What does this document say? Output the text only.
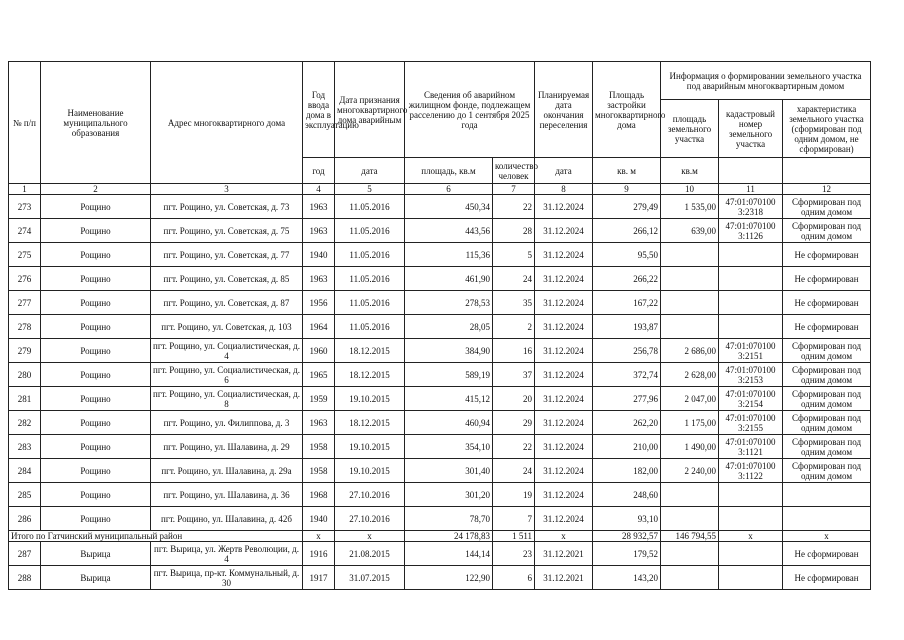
№ п/п	Наименование муниципального образования	Адрес многоквартирного дома	Год ввода дома в эксплуатацию	Дата признания многоквартирного дома аварийным	Сведения об аварийном жилищном фонде, подлежащем расселению до 1 сентября 2025 года		Планируемая дата окончания переселения	Площадь застройки многоквартирного дома	Информация о формировании земельного участка под аварийным многоквартирным домом		
									площадь земельного участка	кадастровый номер земельного участка	характеристика земельного участка (сформирован под одним домом, не сформирован)
			год	дата	площадь, кв.м	количество человек	дата	кв. м	кв.м		
1	2	3	4	5	6	7	8	9	10	11	12
273	Рощино	пгт. Рощино, ул. Советская, д. 73	1963	11.05.2016	450,34	22	31.12.2024	279,49	1 535,00	47:01:070100 3:2318	Сформирован под одним домом
274	Рощино	пгт. Рощино, ул. Советская, д. 75	1963	11.05.2016	443,56	28	31.12.2024	266,12	639,00	47:01:070100 3:1126	Сформирован под одним домом
275	Рощино	пгт. Рощино, ул. Советская, д. 77	1940	11.05.2016	115,36	5	31.12.2024	95,50			Не сформирован
276	Рощино	пгт. Рощино, ул. Советская, д. 85	1963	11.05.2016	461,90	24	31.12.2024	266,22			Не сформирован
277	Рощино	пгт. Рощино, ул. Советская, д. 87	1956	11.05.2016	278,53	35	31.12.2024	167,22			Не сформирован
278	Рощино	пгт. Рощино, ул. Советская, д. 103	1964	11.05.2016	28,05	2	31.12.2024	193,87			Не сформирован
279	Рощино	пгт. Рощино, ул. Социалистическая, д. 4	1960	18.12.2015	384,90	16	31.12.2024	256,78	2 686,00	47:01:070100 3:2151	Сформирован под одним домом
280	Рощино	пгт. Рощино, ул. Социалистическая, д. 6	1965	18.12.2015	589,19	37	31.12.2024	372,74	2 628,00	47:01:070100 3:2153	Сформирован под одним домом
281	Рощино	пгт. Рощино, ул. Социалистическая, д. 8	1959	19.10.2015	415,12	20	31.12.2024	277,96	2 047,00	47:01:070100 3:2154	Сформирован под одним домом
282	Рощино	пгт. Рощино, ул. Филиппова, д. 3	1963	18.12.2015	460,94	29	31.12.2024	262,20	1 175,00	47:01:070100 3:2155	Сформирован под одним домом
283	Рощино	пгт. Рощино, ул. Шалавина, д. 29	1958	19.10.2015	354,10	22	31.12.2024	210,00	1 490,00	47:01:070100 3:1121	Сформирован под одним домом
284	Рощино	пгт. Рощино, ул. Шалавина, д. 29а	1958	19.10.2015	301,40	24	31.12.2024	182,00	2 240,00	47:01:070100 3:1122	Сформирован под одним домом
285	Рощино	пгт. Рощино, ул. Шалавина, д. 36	1968	27.10.2016	301,20	19	31.12.2024	248,60			
286	Рощино	пгт. Рощино, ул. Шалавина, д. 42б	1940	27.10.2016	78,70	7	31.12.2024	93,10			
Итого по Гатчинский муниципальный район			x	x	24 178,83	1 511	x	28 932,57	146 794,55	x	x
287	Вырица	пгт. Вырица, ул. Жертв Революции, д. 4	1916	21.08.2015	144,14	23	31.12.2021	179,52			Не сформирован
288	Вырица	пгт. Вырица, пр-кт. Коммунальный, д. 30	1917	31.07.2015	122,90	6	31.12.2021	143,20			Не сформирован
